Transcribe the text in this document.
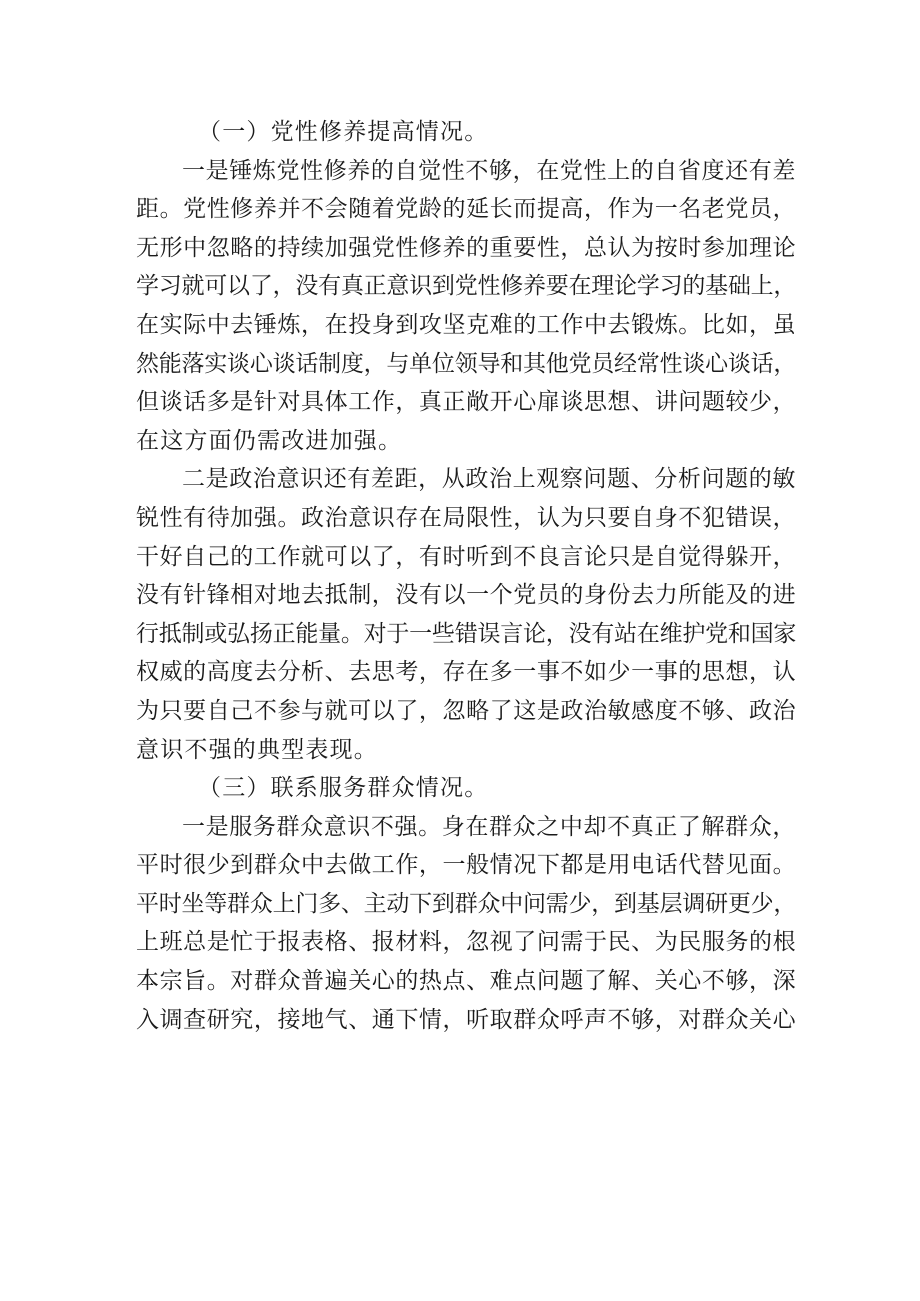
（一）党性修养提高情况。
一是锤炼党性修养的自觉性不够，在党性上的自省度还有差
距。党性修养并不会随着党龄的延长而提高，作为一名老党员，
无形中忽略的持续加强党性修养的重要性，总认为按时参加理论
学习就可以了，没有真正意识到党性修养要在理论学习的基础上，
在实际中去锤炼，在投身到攻坚克难的工作中去锻炼。比如，虽
然能落实谈心谈话制度，与单位领导和其他党员经常性谈心谈话，
但谈话多是针对具体工作，真正敞开心扉谈思想、讲问题较少，
在这方面仍需改进加强。
二是政治意识还有差距，从政治上观察问题、分析问题的敏
锐性有待加强。政治意识存在局限性，认为只要自身不犯错误，
干好自己的工作就可以了，有时听到不良言论只是自觉得躲开，
没有针锋相对地去抵制，没有以一个党员的身份去力所能及的进
行抵制或弘扬正能量。对于一些错误言论，没有站在维护党和国家
权威的高度去分析、去思考，存在多一事不如少一事的思想，认
为只要自己不参与就可以了，忽略了这是政治敏感度不够、政治
意识不强的典型表现。
（三）联系服务群众情况。
一是服务群众意识不强。身在群众之中却不真正了解群众，
平时很少到群众中去做工作，一般情况下都是用电话代替见面。
平时坐等群众上门多、主动下到群众中问需少，到基层调研更少，
上班总是忙于报表格、报材料，忽视了问需于民、为民服务的根
本宗旨。对群众普遍关心的热点、难点问题了解、关心不够，深
入调查研究，接地气、通下情，听取群众呼声不够，对群众关心
